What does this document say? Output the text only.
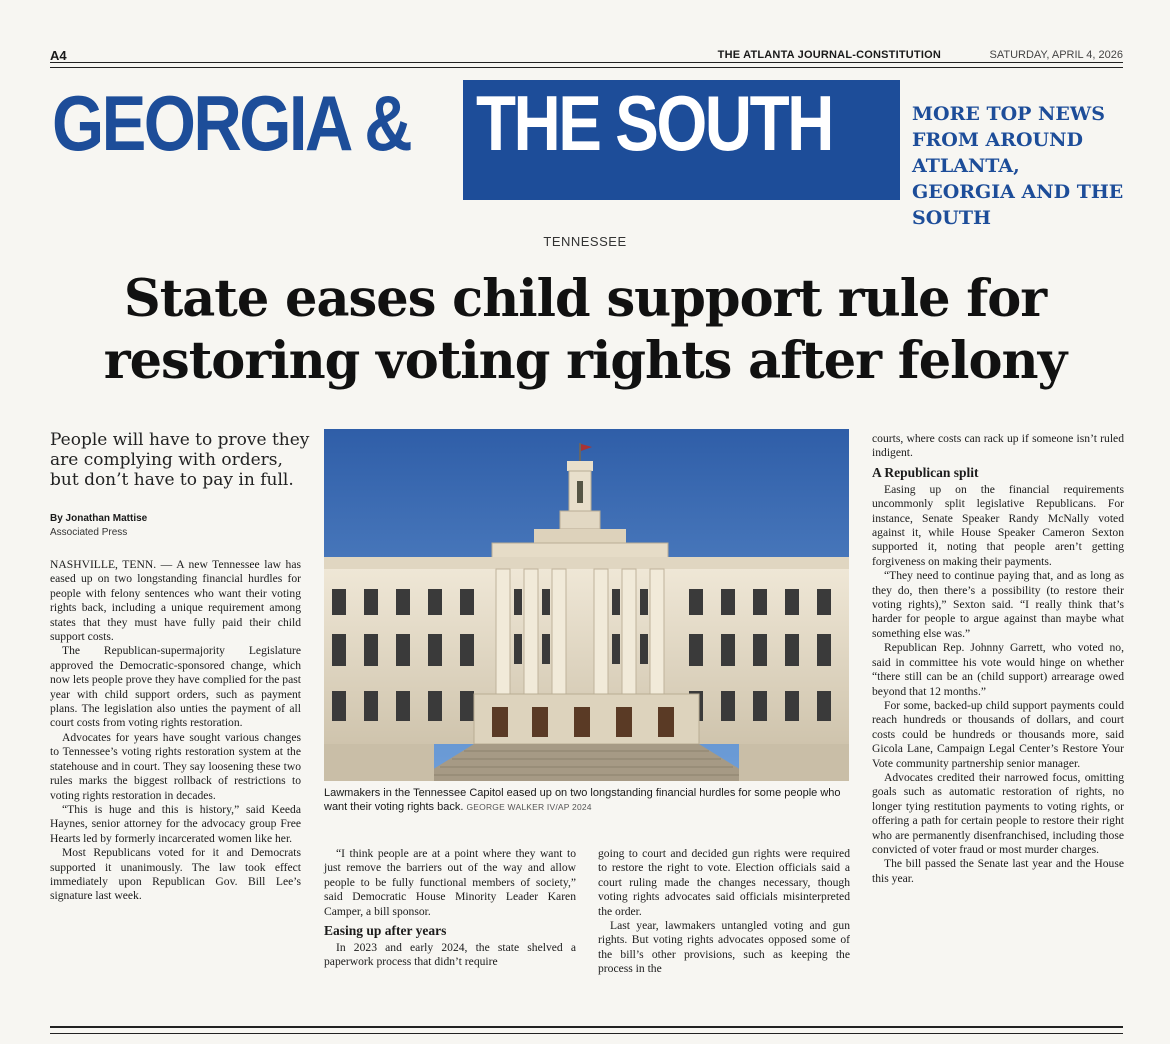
A4	THE ATLANTA JOURNAL-CONSTITUTION	SATURDAY, APRIL 4, 2026
GEORGIA & THE SOUTH	MORE TOP NEWS FROM AROUND ATLANTA, GEORGIA AND THE SOUTH
TENNESSEE
State eases child support rule for restoring voting rights after felony
People will have to prove they are complying with orders, but don’t have to pay in full.
By Jonathan Mattise
Associated Press

NASHVILLE, TENN. — A new Tennessee law has eased up on two longstanding financial hurdles for people with felony sentences who want their voting rights back, including a unique requirement among states that they must have fully paid their child support costs.

The Republican-supermajority Legislature approved the Democratic-sponsored change, which now lets people prove they have complied for the past year with child support orders, such as payment plans. The legislation also unties the payment of all court costs from voting rights restoration.

Advocates for years have sought various changes to Tennessee’s voting rights restoration system at the statehouse and in court. They say loosening these two rules marks the biggest rollback of restrictions to voting rights restoration in decades.

“This is huge and this is history,” said Keeda Haynes, senior attorney for the advocacy group Free Hearts led by formerly incarcerated women like her.

Most Republicans voted for it and Democrats supported it unanimously. The law took effect immediately upon Republican Gov. Bill Lee’s signature last week.

Lawmakers in the Tennessee Capitol eased up on two longstanding financial hurdles for some people who want their voting rights back. GEORGE WALKER IV/AP 2024

“I think people are at a point where they want to just remove the barriers out of the way and allow people to be fully functional members of society,” said Democratic House Minority Leader Karen Camper, a bill sponsor.

Easing up after years

In 2023 and early 2024, the state shelved a paperwork process that didn’t require

going to court and decided gun rights were required to restore the right to vote. Election officials said a court ruling made the changes necessary, though voting rights advocates said officials misinterpreted the order.

Last year, lawmakers untangled voting and gun rights. But voting rights advocates opposed some of the bill’s other provisions, such as keeping the process in the

courts, where costs can rack up if someone isn’t ruled indigent.

A Republican split

Easing up on the financial requirements uncommonly split legislative Republicans. For instance, Senate Speaker Randy McNally voted against it, while House Speaker Cameron Sexton supported it, noting that people aren’t getting forgiveness on making their payments.

“They need to continue paying that, and as long as they do, then there’s a possibility (to restore their voting rights),” Sexton said. “I really think that’s harder for people to argue against than maybe what something else was.”

Republican Rep. Johnny Garrett, who voted no, said in committee his vote would hinge on whether “there still can be an (child support) arrearage owed beyond that 12 months.”

For some, backed-up child support payments could reach hundreds or thousands of dollars, and court costs could be hundreds or thousands more, said Gicola Lane, Campaign Legal Center’s Restore Your Vote community partnership senior manager.

Advocates credited their narrowed focus, omitting goals such as automatic restoration of rights, no longer tying restitution payments to voting rights, or offering a path for certain people to restore their right who are permanently disenfranchised, including those convicted of voter fraud or most murder charges.

The bill passed the Senate last year and the House this year.
